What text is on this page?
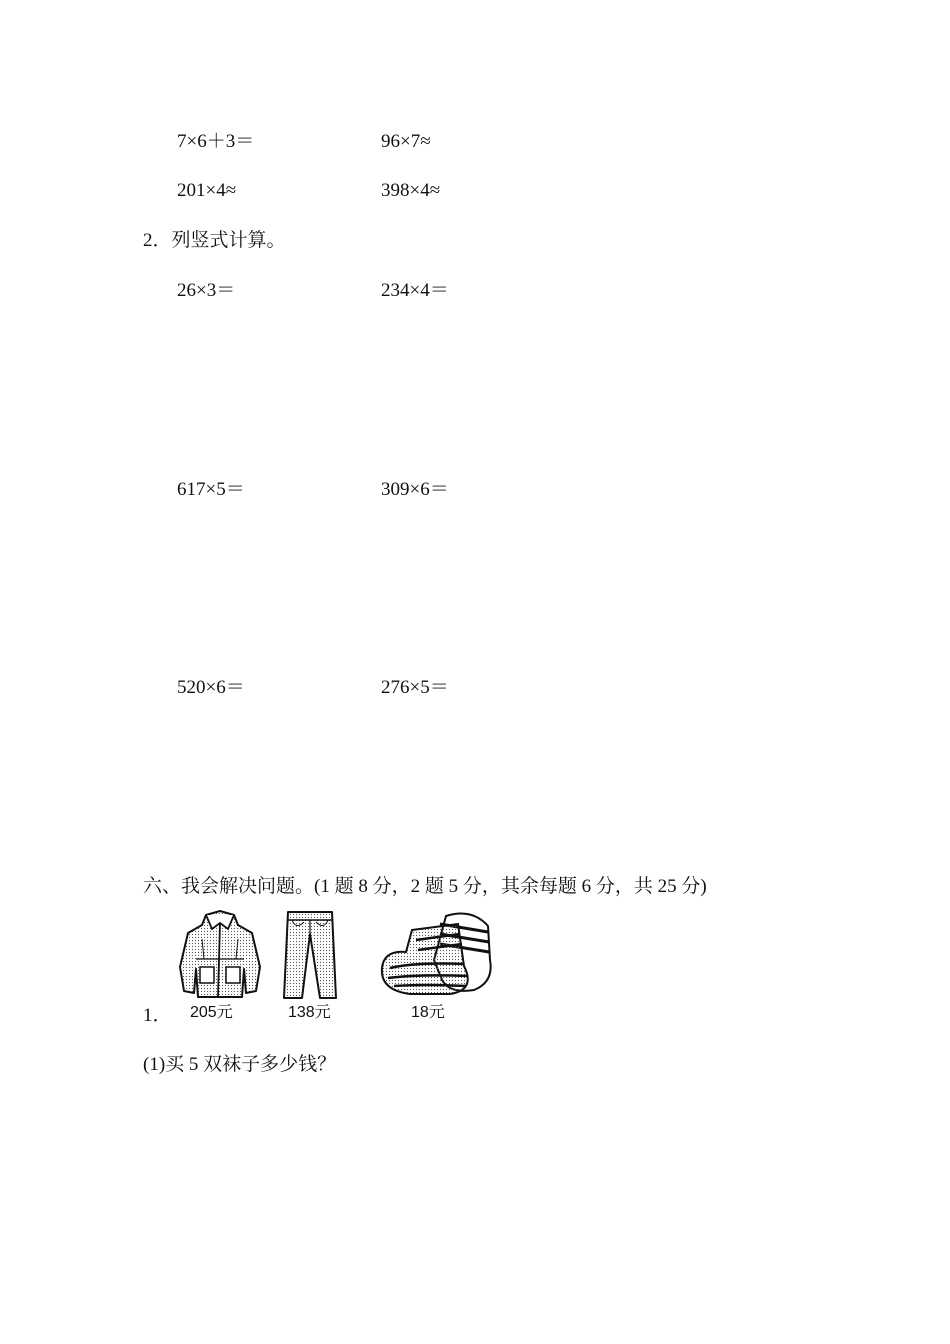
7×6＋3＝	96×7≈
201×4≈	398×4≈
2．列竖式计算。
26×3＝	234×4＝
617×5＝	309×6＝
520×6＝	276×5＝
六、我会解决问题。(1 题 8 分，2 题 5 分，其余每题 6 分，共 25 分)
1． 205元	138元	18元
(1)买 5 双袜子多少钱？
